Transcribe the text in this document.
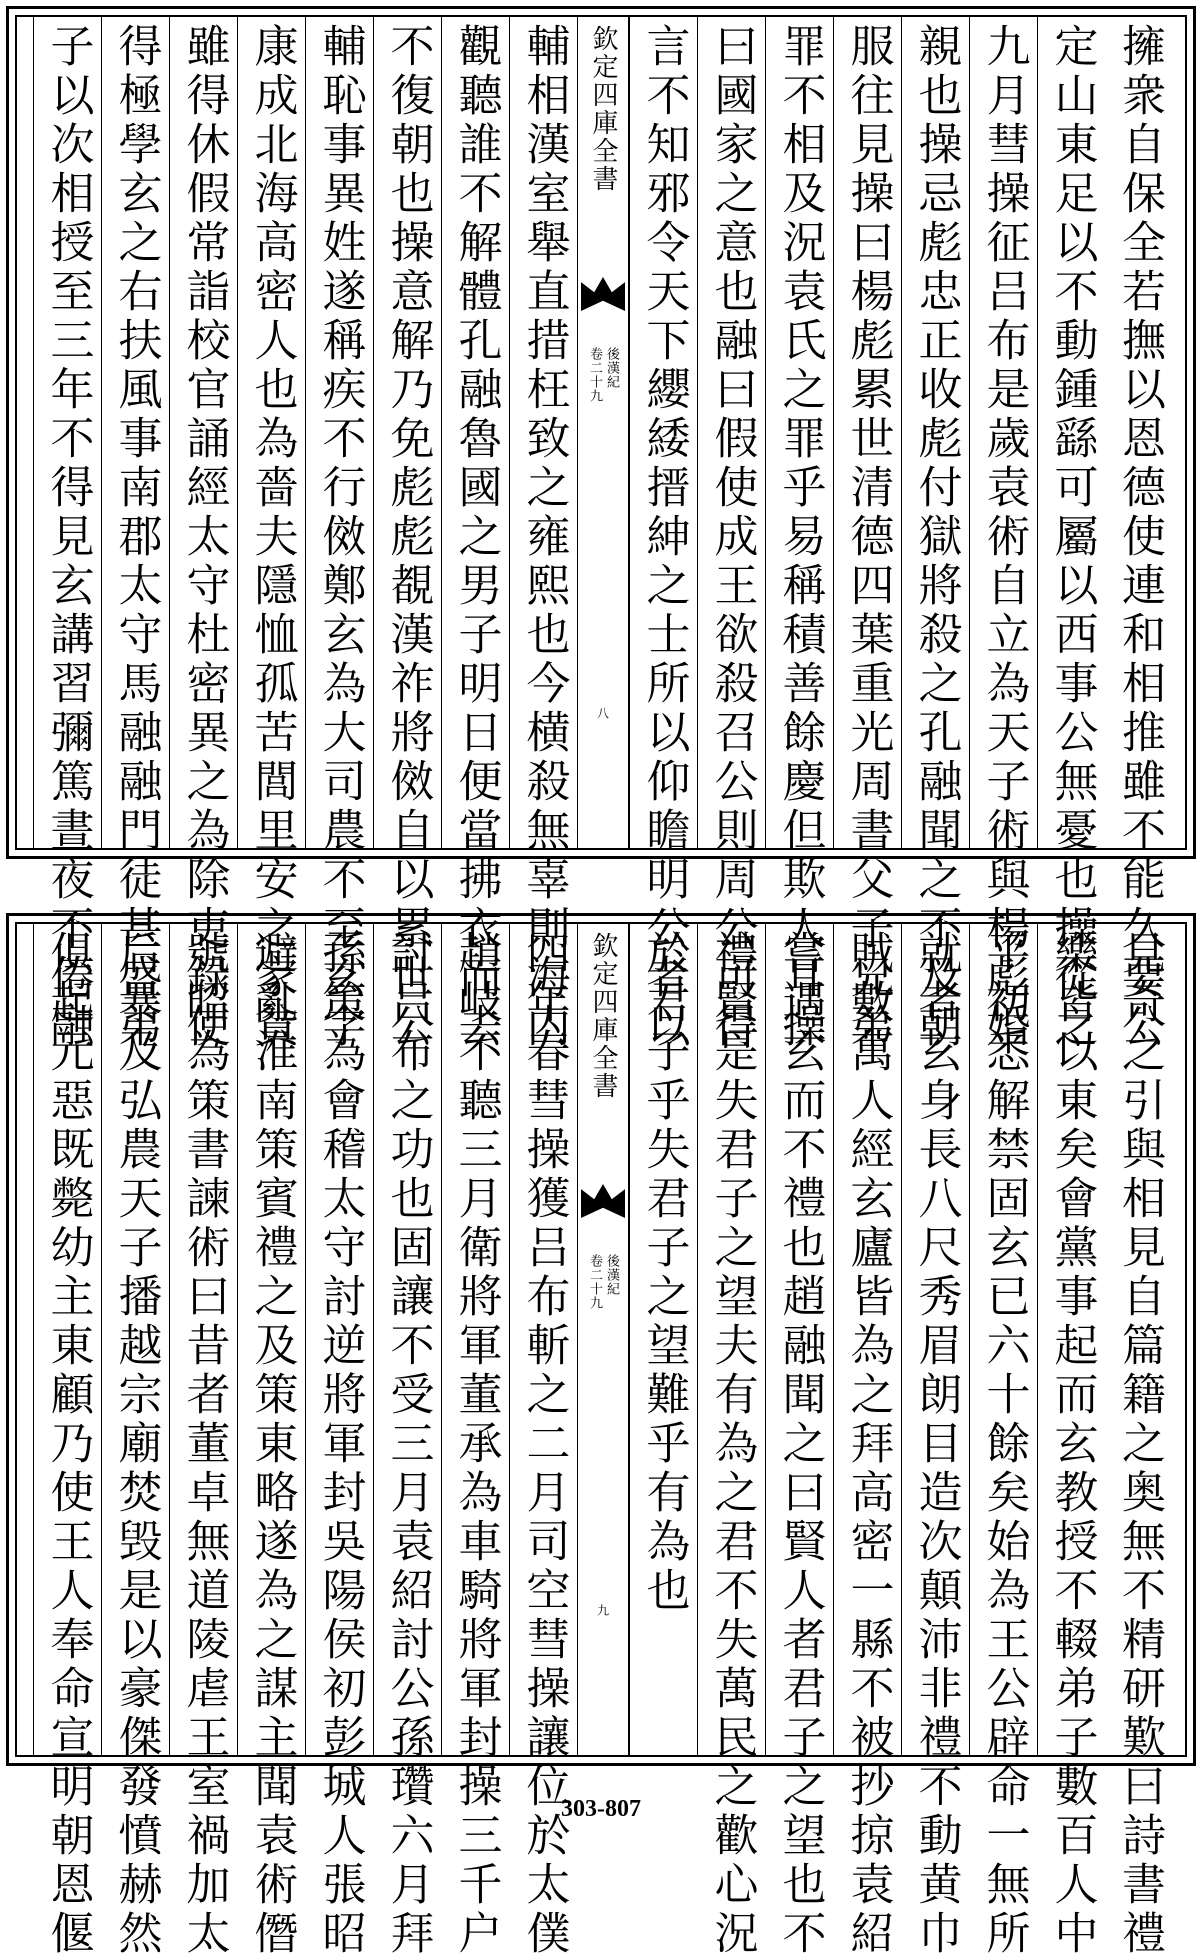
擁衆自保全若撫以恩德使連和相推雖不能久要公
定山東足以不動鍾繇可屬以西事公無憂也操從之
九月彗操征吕布是歲袁術自立為天子術與楊彪婚
親也操忌彪忠正收彪付獄將殺之孔融聞之不及朝
服往見操曰楊彪累世清德四葉重光周書父子兄弟
罪不相及況袁氏之罪乎易稱積善餘慶但欺人耳操
曰國家之意也融曰假使成王欲殺召公則周公可得
言不知邪令天下纓緌搢紳之士所以仰瞻明公者以
欽定四庫全書
後漢紀
卷二十九
八
輔相漢室舉直措枉致之雍熙也今横殺無辜則海内
觀聽誰不解體孔融魯國之男子明日便當拂衣而去
不復朝也操意解乃免彪彪覩漢祚將傚自以累世公
輔恥事異姓遂稱疾不行傚鄭玄為大司農不至玄字
康成北海高密人也為嗇夫隱恤孤苦閭里安之家貧
雖得休假常詣校官誦經太守杜密異之為除吏録使
得極學玄之右扶風事南郡太守馬融融門徒甚盛弟
子以次相授至三年不得見玄講習彌篤晝夜不倦融
見奇之引與相見自篇籍之奥無不精研歎曰詩書禮
樂皆以東矣會黨事起而玄教授不輟弟子數百人中
平初悉解禁固玄已六十餘矣始為王公辟命一無所
就者玄身長八尺秀眉朗目造次顛沛非禮不動黄巾
賊數萬人經玄廬皆為之拜高密一縣不被抄掠袁紹
嘗遇玄而不禮也趙融聞之曰賢人者君子之望也不
禮賢是失君子之望夫有為之君不失萬民之歡心況
於君子乎失君子之望難乎有為也
欽定四庫全書
後漢紀
卷二十九
九
四年春彗操獲吕布斬之二月司空彗操讓位於太僕
趙岐不聽三月衛將軍董承為車騎將軍封操三千户
討吕布之功也固讓不受三月袁紹討公孫瓚六月拜
孫策為會稽太守討逆將軍封吳陽侯初彭城人張昭
避亂淮南策賓禮之及策東略遂為之謀主聞袁術僭
號昭為策書諫術曰昔者董卓無道陵虐王室禍加太
后暴及弘農天子播越宗廟焚毁是以豪傑發憤赫然
俱起元惡既斃幼主東顧乃使王人奉命宣明朝恩偃	303-807
